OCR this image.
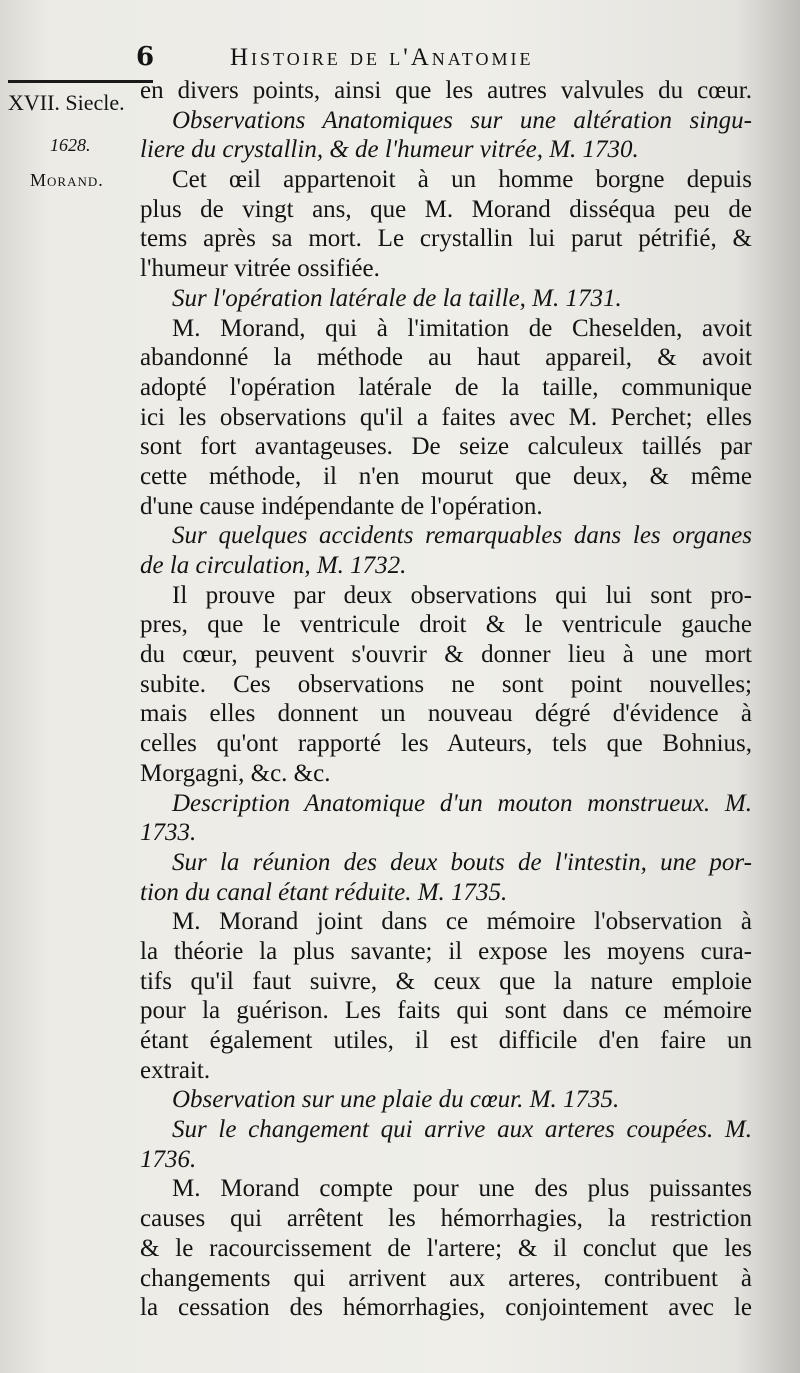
6	Histoire de l'Anatomie
XVII. Siecle.
1628.
Morand.
en divers points, ainsi que les autres valvules du cœur.
Observations Anatomiques sur une altération singu-
liere du crystallin, & de l'humeur vitrée, M. 1730.
Cet œil appartenoit à un homme borgne depuis
plus de vingt ans, que M. Morand disséqua peu de
tems après sa mort. Le crystallin lui parut pétrifié, &
l'humeur vitrée ossifiée.
Sur l'opération latérale de la taille, M. 1731.
M. Morand, qui à l'imitation de Cheselden, avoit
abandonné la méthode au haut appareil, & avoit
adopté l'opération latérale de la taille, communique
ici les observations qu'il a faites avec M. Perchet; elles
sont fort avantageuses. De seize calculeux taillés par
cette méthode, il n'en mourut que deux, & même
d'une cause indépendante de l'opération.
Sur quelques accidents remarquables dans les organes
de la circulation, M. 1732.
Il prouve par deux observations qui lui sont pro-
pres, que le ventricule droit & le ventricule gauche
du cœur, peuvent s'ouvrir & donner lieu à une mort
subite. Ces observations ne sont point nouvelles;
mais elles donnent un nouveau dégré d'évidence à
celles qu'ont rapporté les Auteurs, tels que Bohnius,
Morgagni, &c. &c.
Description Anatomique d'un mouton monstrueux. M.
1733.
Sur la réunion des deux bouts de l'intestin, une por-
tion du canal étant réduite. M. 1735.
M. Morand joint dans ce mémoire l'observation à
la théorie la plus savante; il expose les moyens cura-
tifs qu'il faut suivre, & ceux que la nature emploie
pour la guérison. Les faits qui sont dans ce mémoire
étant également utiles, il est difficile d'en faire un
extrait.
Observation sur une plaie du cœur. M. 1735.
Sur le changement qui arrive aux arteres coupées. M.
1736.
M. Morand compte pour une des plus puissantes
causes qui arrêtent les hémorrhagies, la restriction
& le racourcissement de l'artere; & il conclut que les
changements qui arrivent aux arteres, contribuent à
la cessation des hémorrhagies, conjointement avec le
